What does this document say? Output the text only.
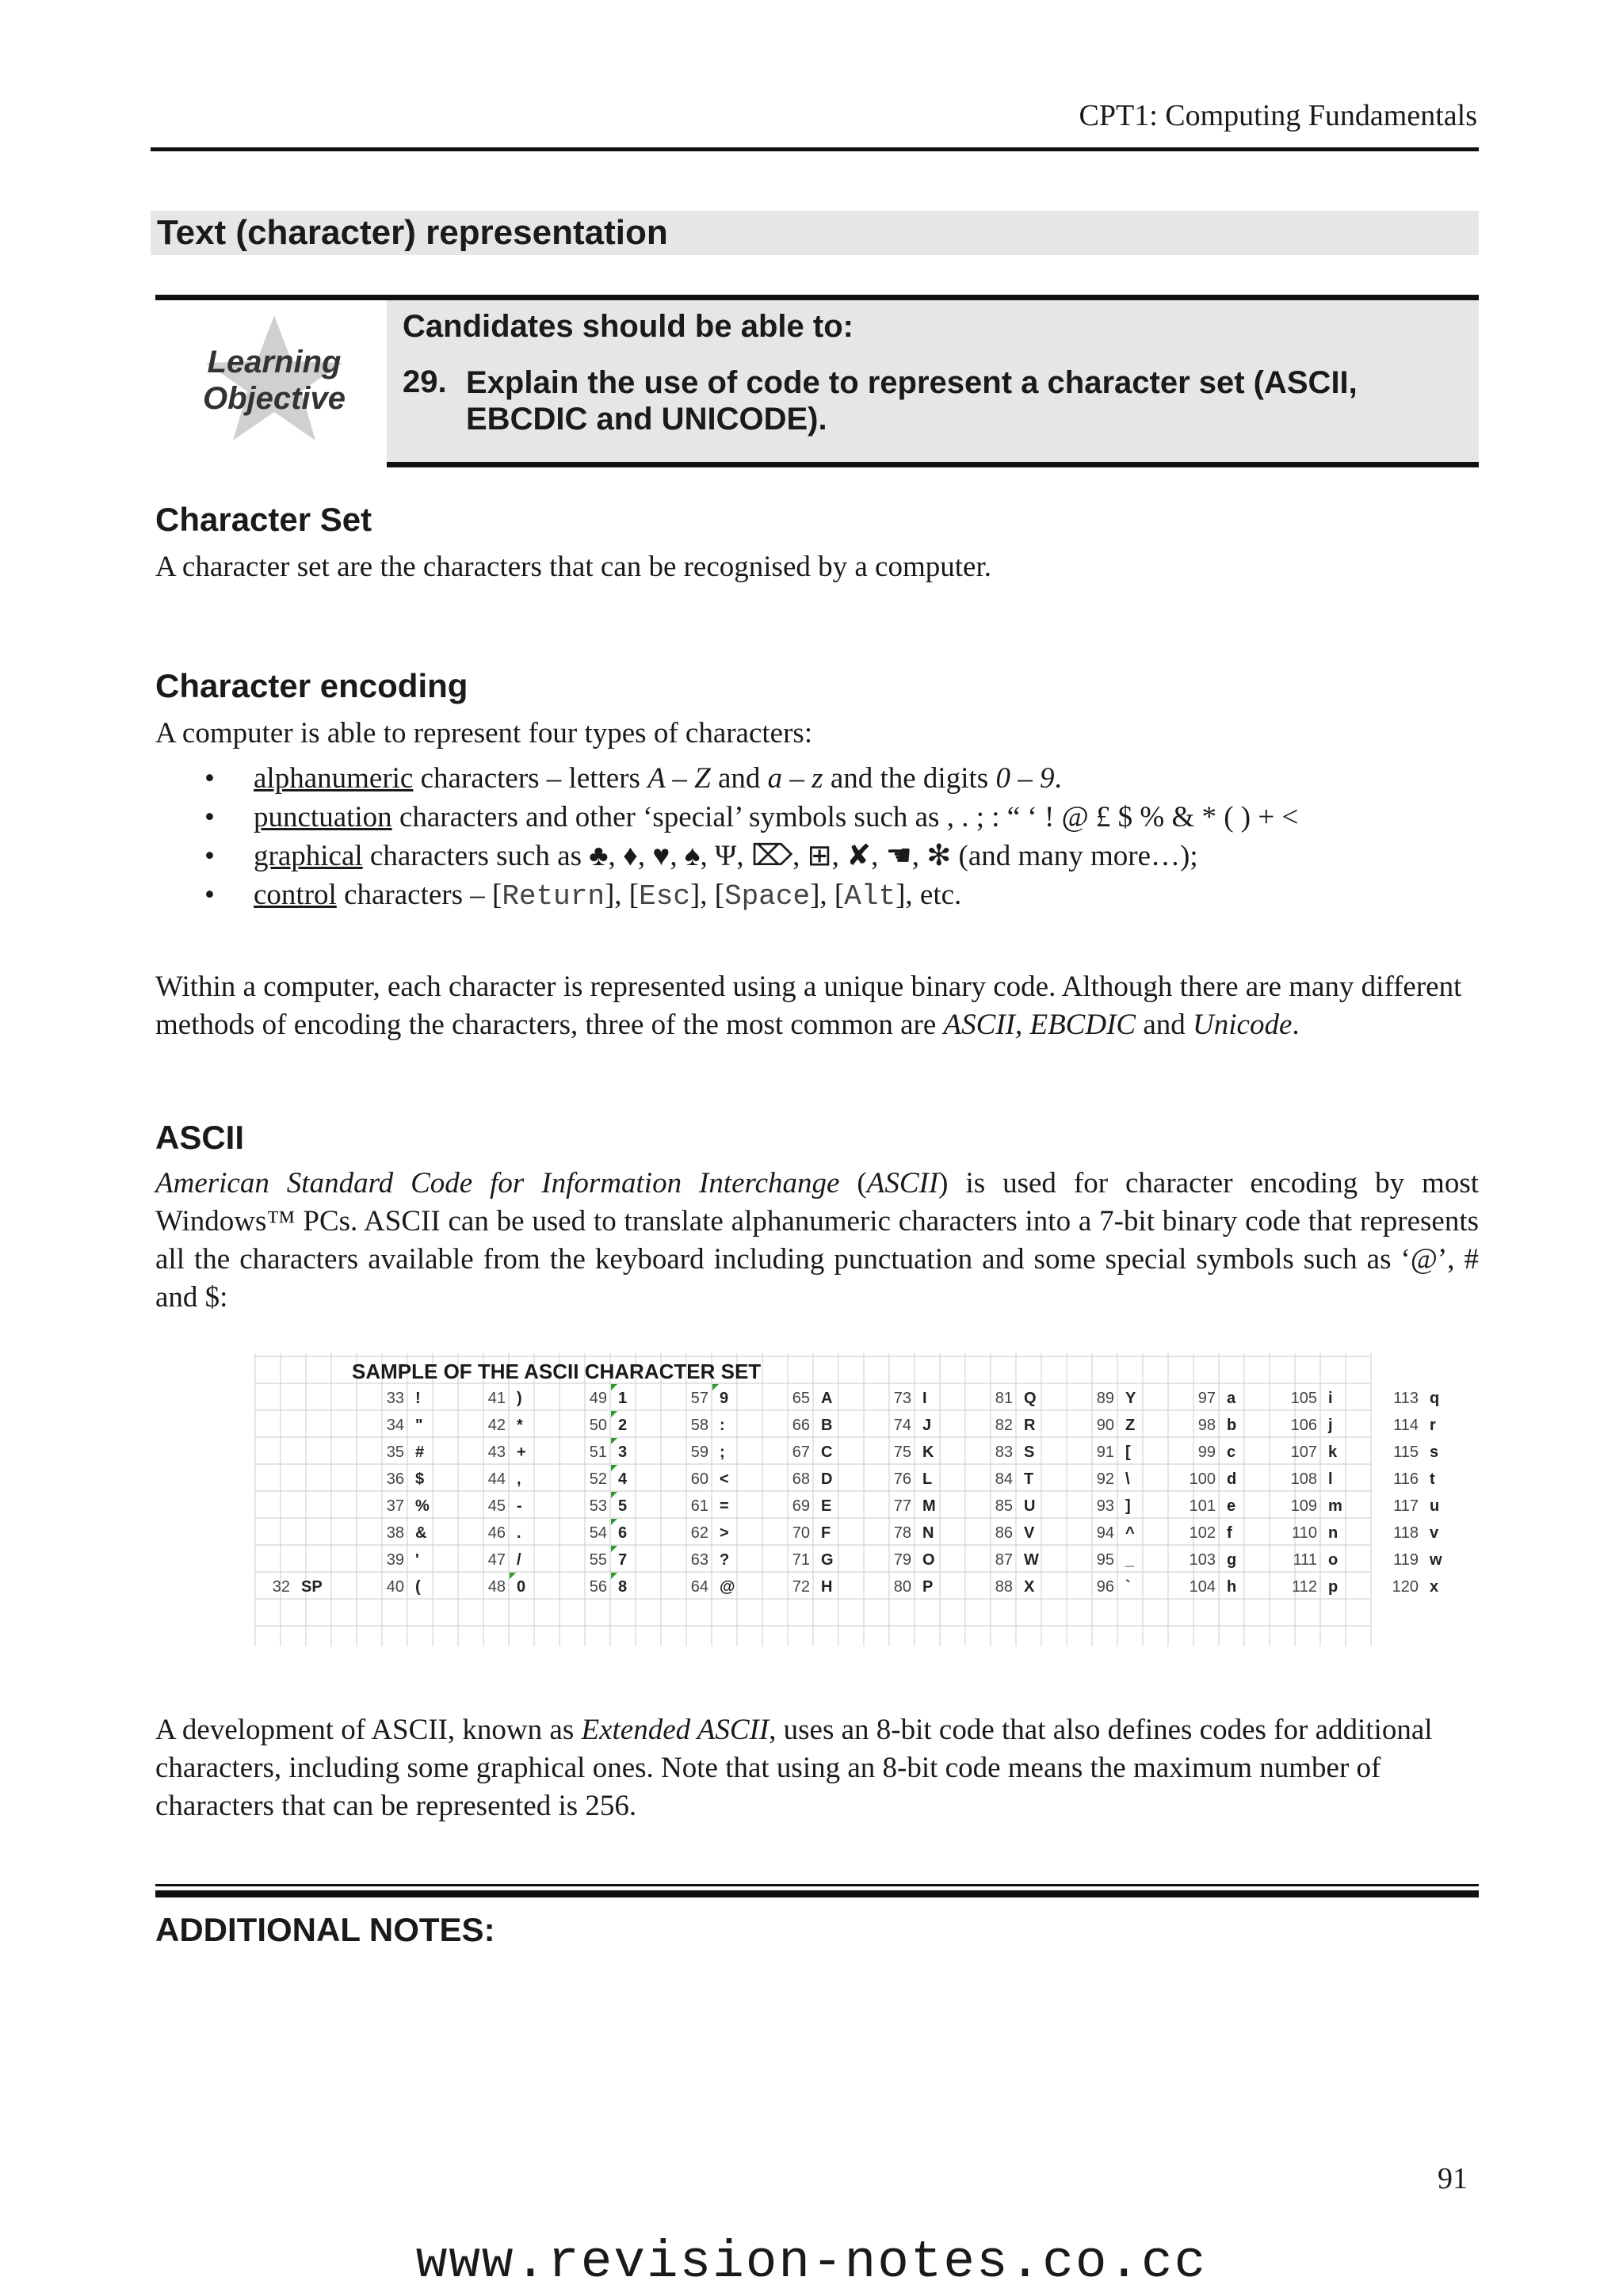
CPT1: Computing Fundamentals
Text (character) representation
Learning
Objective
Candidates should be able to:
29. Explain the use of code to represent a character set (ASCII, EBCDIC and UNICODE).
Character Set
A character set are the characters that can be recognised by a computer.
Character encoding
A computer is able to represent four types of characters:
• alphanumeric characters – letters A – Z and a – z and the digits 0 – 9.
• punctuation characters and other ‘special’ symbols such as , . ; : “ ‘ ! @ £ $ % & * ( ) + <
• graphical characters such as ♣, ♦, ♥, ♠, Ψ, ⌦, ⊞, ✘, ☚, ✻ (and many more…);
• control characters – [Return], [Esc], [Space], [Alt], etc.
Within a computer, each character is represented using a unique binary code. Although there are many different methods of encoding the characters, three of the most common are ASCII, EBCDIC and Unicode.
ASCII
American Standard Code for Information Interchange (ASCII) is used for character encoding by most Windows™ PCs. ASCII can be used to translate alphanumeric characters into a 7-bit binary code that represents all the characters available from the keyboard including punctuation and some special symbols such as ‘@’, # and $:
SAMPLE OF THE ASCII CHARACTER SET
32 SP
33 !
34 "
35 #
36 $
37 %
38 &
39 '
40 (
41 )
42 *
43 +
44 ,
45 -
46 .
47 /
48 0
49 1
50 2
51 3
52 4
53 5
54 6
55 7
56 8
57 9
58 :
59 ;
60 <
61 =
62 >
63 ?
64 @
65 A
66 B
67 C
68 D
69 E
70 F
71 G
72 H
73 I
74 J
75 K
76 L
77 M
78 N
79 O
80 P
81 Q
82 R
83 S
84 T
85 U
86 V
87 W
88 X
89 Y
90 Z
91 [
92 \
93 ]
94 ^
95 _
96 `
97 a
98 b
99 c
100 d
101 e
102 f
103 g
104 h
105 i
106 j
107 k
108 l
109 m
110 n
111 o
112 p
113 q
114 r
115 s
116 t
117 u
118 v
119 w
120 x
A development of ASCII, known as Extended ASCII, uses an 8-bit code that also defines codes for additional characters, including some graphical ones. Note that using an 8-bit code means the maximum number of characters that can be represented is 256.
ADDITIONAL NOTES:
91
www.revision-notes.co.cc
